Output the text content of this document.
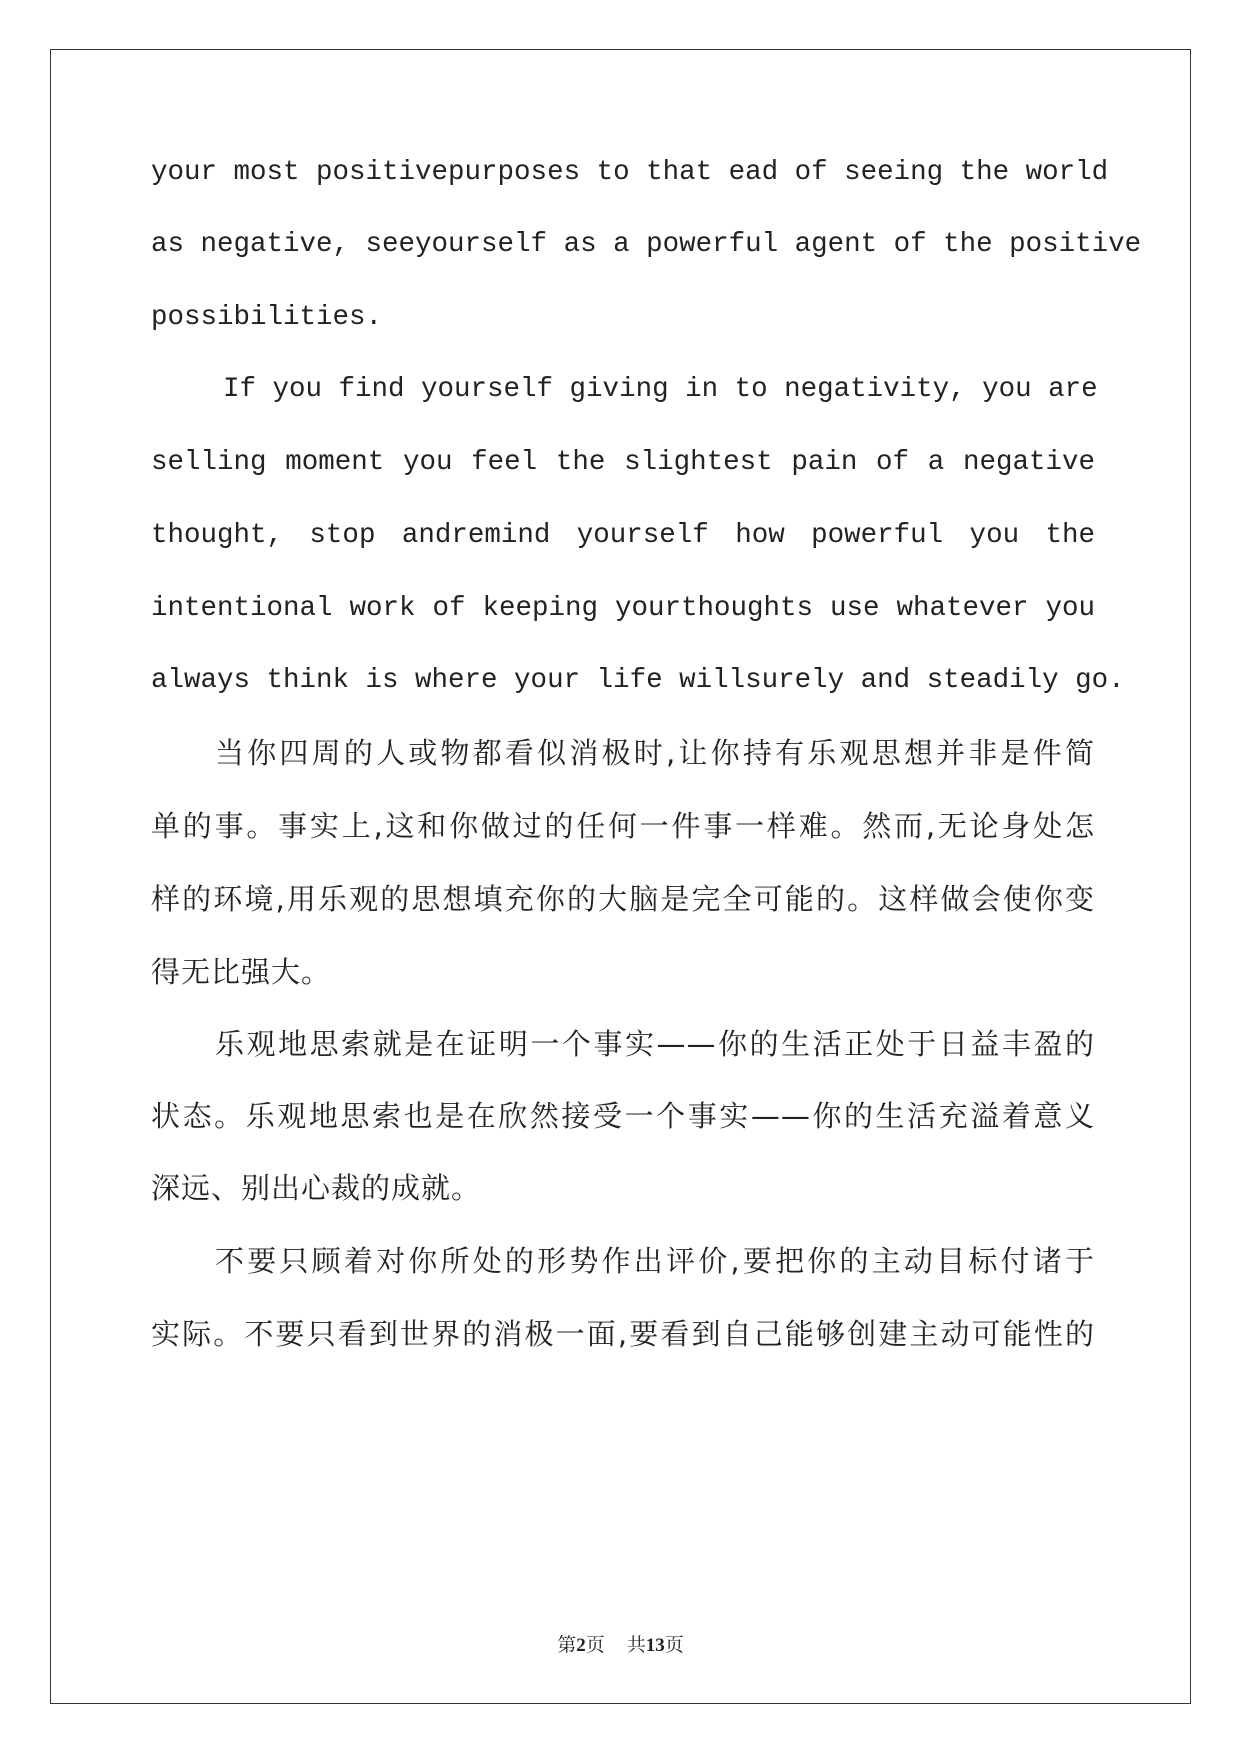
your most positivepurposes to that ead of seeing the world
as negative, seeyourself as a powerful agent of the positive
possibilities.
If you find yourself giving in to negativity, you are
selling moment you feel the slightest pain of a negative
thought, stop andremind yourself how powerful you the
intentional work of keeping yourthoughts use whatever you
always think is where your life willsurely and steadily go.
当你四周的人或物都看似消极时,让你持有乐观思想并非是件简
单的事。事实上,这和你做过的任何一件事一样难。然而,无论身处怎
样的环境,用乐观的思想填充你的大脑是完全可能的。这样做会使你变
得无比强大。
乐观地思索就是在证明一个事实——你的生活正处于日益丰盈的
状态。乐观地思索也是在欣然接受一个事实——你的生活充溢着意义
深远、别出心裁的成就。
不要只顾着对你所处的形势作出评价,要把你的主动目标付诸于
实际。不要只看到世界的消极一面,要看到自己能够创建主动可能性的
第2页 共13页
